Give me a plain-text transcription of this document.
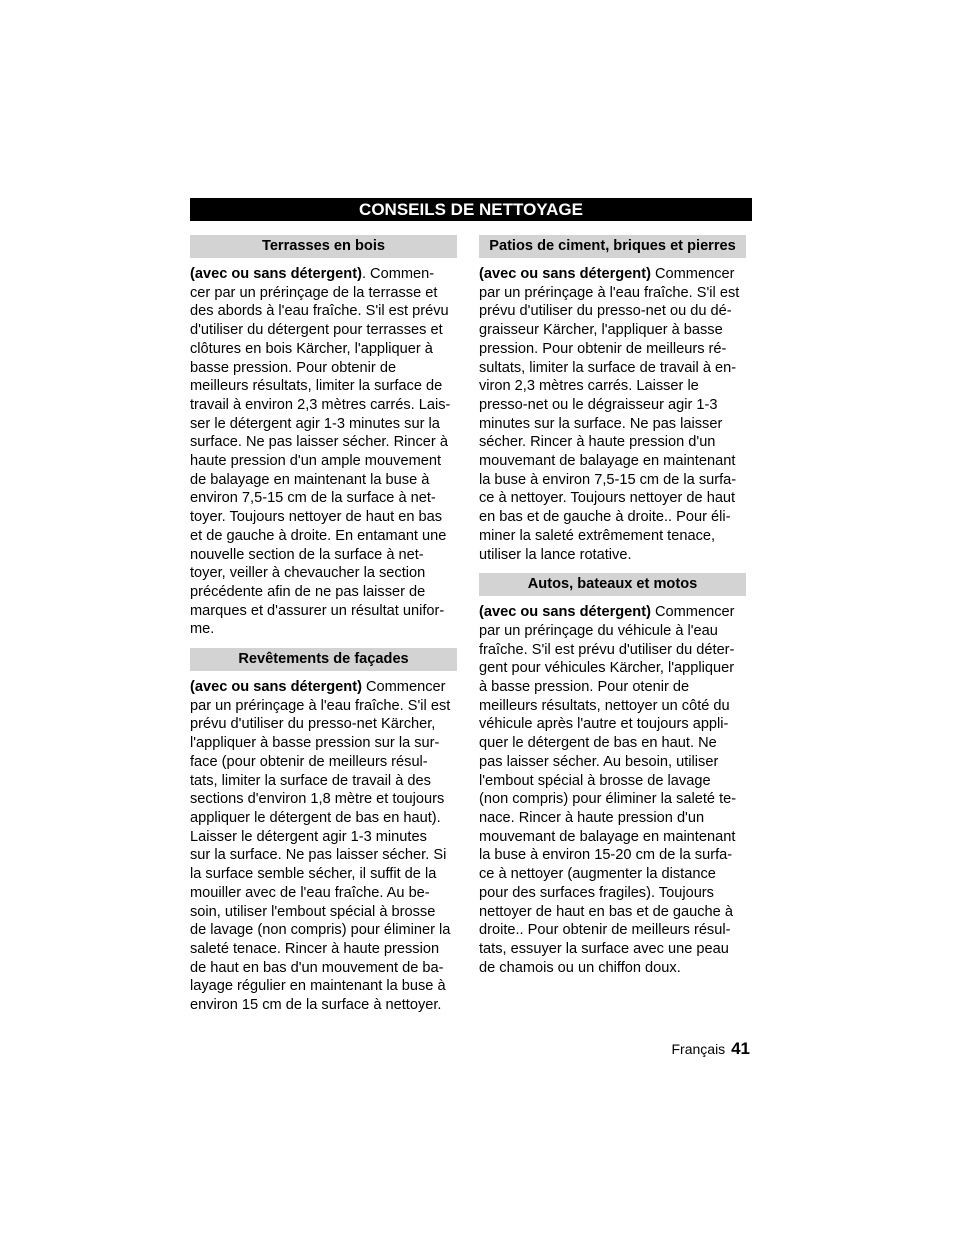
CONSEILS DE NETTOYAGE
Terrasses en bois

(avec ou sans détergent). Commen-
cer par un prérinçage de la terrasse et
des abords à l'eau fraîche. S'il est prévu
d'utiliser du détergent pour terrasses et
clôtures en bois Kärcher, l'appliquer à
basse pression. Pour obtenir de
meilleurs résultats, limiter la surface de
travail à environ 2,3 mètres carrés. Lais-
ser le détergent agir 1-3 minutes sur la
surface. Ne pas laisser sécher. Rincer à
haute pression d'un ample mouvement
de balayage en maintenant la buse à
environ 7,5-15 cm de la surface à net-
toyer. Toujours nettoyer de haut en bas
et de gauche à droite. En entamant une
nouvelle section de la surface à net-
toyer, veiller à chevaucher la section
précédente afin de ne pas laisser de
marques et d'assurer un résultat unifor-
me.

Revêtements de façades

(avec ou sans détergent) Commencer
par un prérinçage à l'eau fraîche. S'il est
prévu d'utiliser du presso-net Kärcher,
l'appliquer à basse pression sur la sur-
face (pour obtenir de meilleurs résul-
tats, limiter la surface de travail à des
sections d'environ 1,8 mètre et toujours
appliquer le détergent de bas en haut).
Laisser le détergent agir 1-3 minutes
sur la surface. Ne pas laisser sécher. Si
la surface semble sécher, il suffit de la
mouiller avec de l'eau fraîche. Au be-
soin, utiliser l'embout spécial à brosse
de lavage (non compris) pour éliminer la
saleté tenace. Rincer à haute pression
de haut en bas d'un mouvement de ba-
layage régulier en maintenant la buse à
environ 15 cm de la surface à nettoyer.

Patios de ciment, briques et pierres

(avec ou sans détergent) Commencer
par un prérinçage à l'eau fraîche. S'il est
prévu d'utiliser du presso-net ou du dé-
graisseur Kärcher, l'appliquer à basse
pression. Pour obtenir de meilleurs ré-
sultats, limiter la surface de travail à en-
viron 2,3 mètres carrés. Laisser le
presso-net ou le dégraisseur agir 1-3
minutes sur la surface. Ne pas laisser
sécher. Rincer à haute pression d'un
mouvemant de balayage en maintenant
la buse à environ 7,5-15 cm de la surfa-
ce à nettoyer. Toujours nettoyer de haut
en bas et de gauche à droite.. Pour éli-
miner la saleté extrêmement tenace,
utiliser la lance rotative.

Autos, bateaux et motos

(avec ou sans détergent) Commencer
par un prérinçage du véhicule à l'eau
fraîche. S'il est prévu d'utiliser du déter-
gent pour véhicules Kärcher, l'appliquer
à basse pression. Pour otenir de
meilleurs résultats, nettoyer un côté du
véhicule après l'autre et toujours appli-
quer le détergent de bas en haut. Ne
pas laisser sécher. Au besoin, utiliser
l'embout spécial à brosse de lavage
(non compris) pour éliminer la saleté te-
nace. Rincer à haute pression d'un
mouvemant de balayage en maintenant
la buse à environ 15-20 cm de la surfa-
ce à nettoyer (augmenter la distance
pour des surfaces fragiles). Toujours
nettoyer de haut en bas et de gauche à
droite.. Pour obtenir de meilleurs résul-
tats, essuyer la surface avec une peau
de chamois ou un chiffon doux.

Français 41
